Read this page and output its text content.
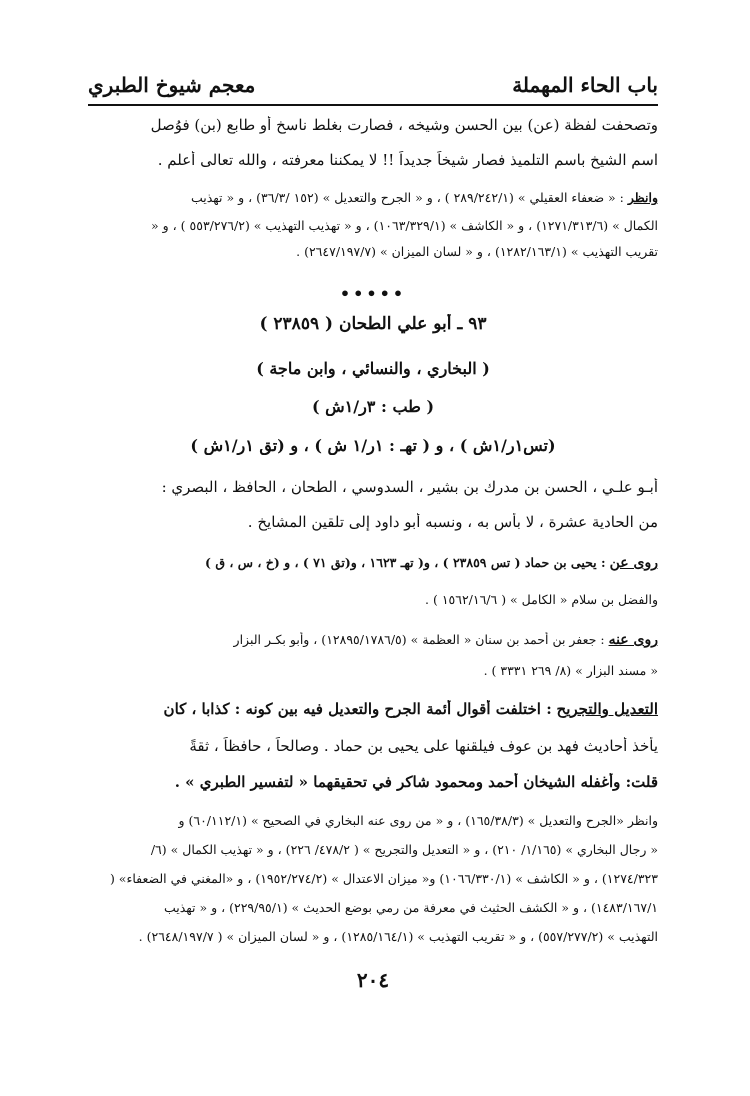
باب الحاء المهملة
معجم شيوخ الطبري
وتصحفت لفظة (عن) بين الحسن وشيخه ، فصارت بغلط ناسخ أو طابع (بن) فوُصل
اسم الشيخ باسم التلميذ فصار شيخاً جديداً !! لا يمكننا معرفته ، والله تعالى أعلم .
وانظر : « ضعفاء العقيلي » (٢٨٩/٢٤٢/١ ) ، و « الجرح والتعديل » (١٥٢ /٣٦/٣) ، و « تهذيب
الكمال » (١٢٧١/٣١٣/٦) ، و « الكاشف » (١٠٦٣/٣٢٩/١) ، و « تهذيب التهذيب » (٥٥٣/٢٧٦/٢ ) ، و «
تقريب التهذيب » (١٢٨٢/١٦٣/١) ، و « لسان الميزان » (٢٦٤٧/١٩٧/٧) .
•••••
٩٣ ـ أبو علي الطحان ( ٢٣٨٥٩ )
( البخاري ، والنسائي ، وابن ماجة )
( طب : ٣ر/١ش )
(تس١ر/١ش ) ، و ( تهـ : ١ر/١ ش ) ، و (تق ١ر/١ش )
أبـو علـي ، الحسن بن مدرك بن بشير ، السدوسي ، الطحان ، الحافظ ، البصري :
من الحادية عشرة ، لا بأس به ، ونسبه أبو داود إلى تلقين المشايخ .
روى عن : يحيى بن حماد ( تس ٢٣٨٥٩ ) ، و( تهـ ١٦٢٣ ، و(تق ٧١ ) ، و (خ ، س ، ق )
والفضل بن سلام « الكامل » ( ١٥٦٢/١٦/٦ ) .
روى عنه : جعفر بن أحمد بن سنان « العظمة » (١٢٨٩٥/١٧٨٦/٥) ، وأبو بكـر البزار
« مسند البزار » (٨/ ٢٦٩ ٣٣٣١ ) .
التعديل والتجريح : اختلفت أقوال أئمة الجرح والتعديل فيه بين كونه : كذابا ، كان
يأخذ أحاديث فهد بن عوف فيلقنها على يحيى بن حماد . وصالحاً ، حافظاً ، ثقةً
قلت: وأغفله الشيخان أحمد ومحمود شاكر في تحقيقهما « لتفسير الطبري » .
وانظر «الجرح والتعديل » (١٦٥/٣٨/٣) ، و « من روى عنه البخاري في الصحيح » (٦٠/١١٢/١) و
« رجال البخاري » (١/١٦٥/ ٢١٠) ، و « التعديل والتجريح » ( ٤٧٨/٢/ ٢٢٦) ، و « تهذيب الكمال » (٦/
١٢٧٤/٣٢٣) ، و « الكاشف » (١٠٦٦/٣٣٠/١) و« ميزان الاعتدال » (١٩٥٢/٢٧٤/٢) ، و «المغني في الضعفاء» (
١٤٨٣/١٦٧/١) ، و « الكشف الحثيث في معرفة من رمي بوضع الحديث » (٢٢٩/٩٥/١) ، و « تهذيب
التهذيب » (٥٥٧/٢٧٧/٢) ، و « تقريب التهذيب » (١٢٨٥/١٦٤/١) ، و « لسان الميزان » ( ٢٦٤٨/١٩٧/٧) .
٢٠٤
